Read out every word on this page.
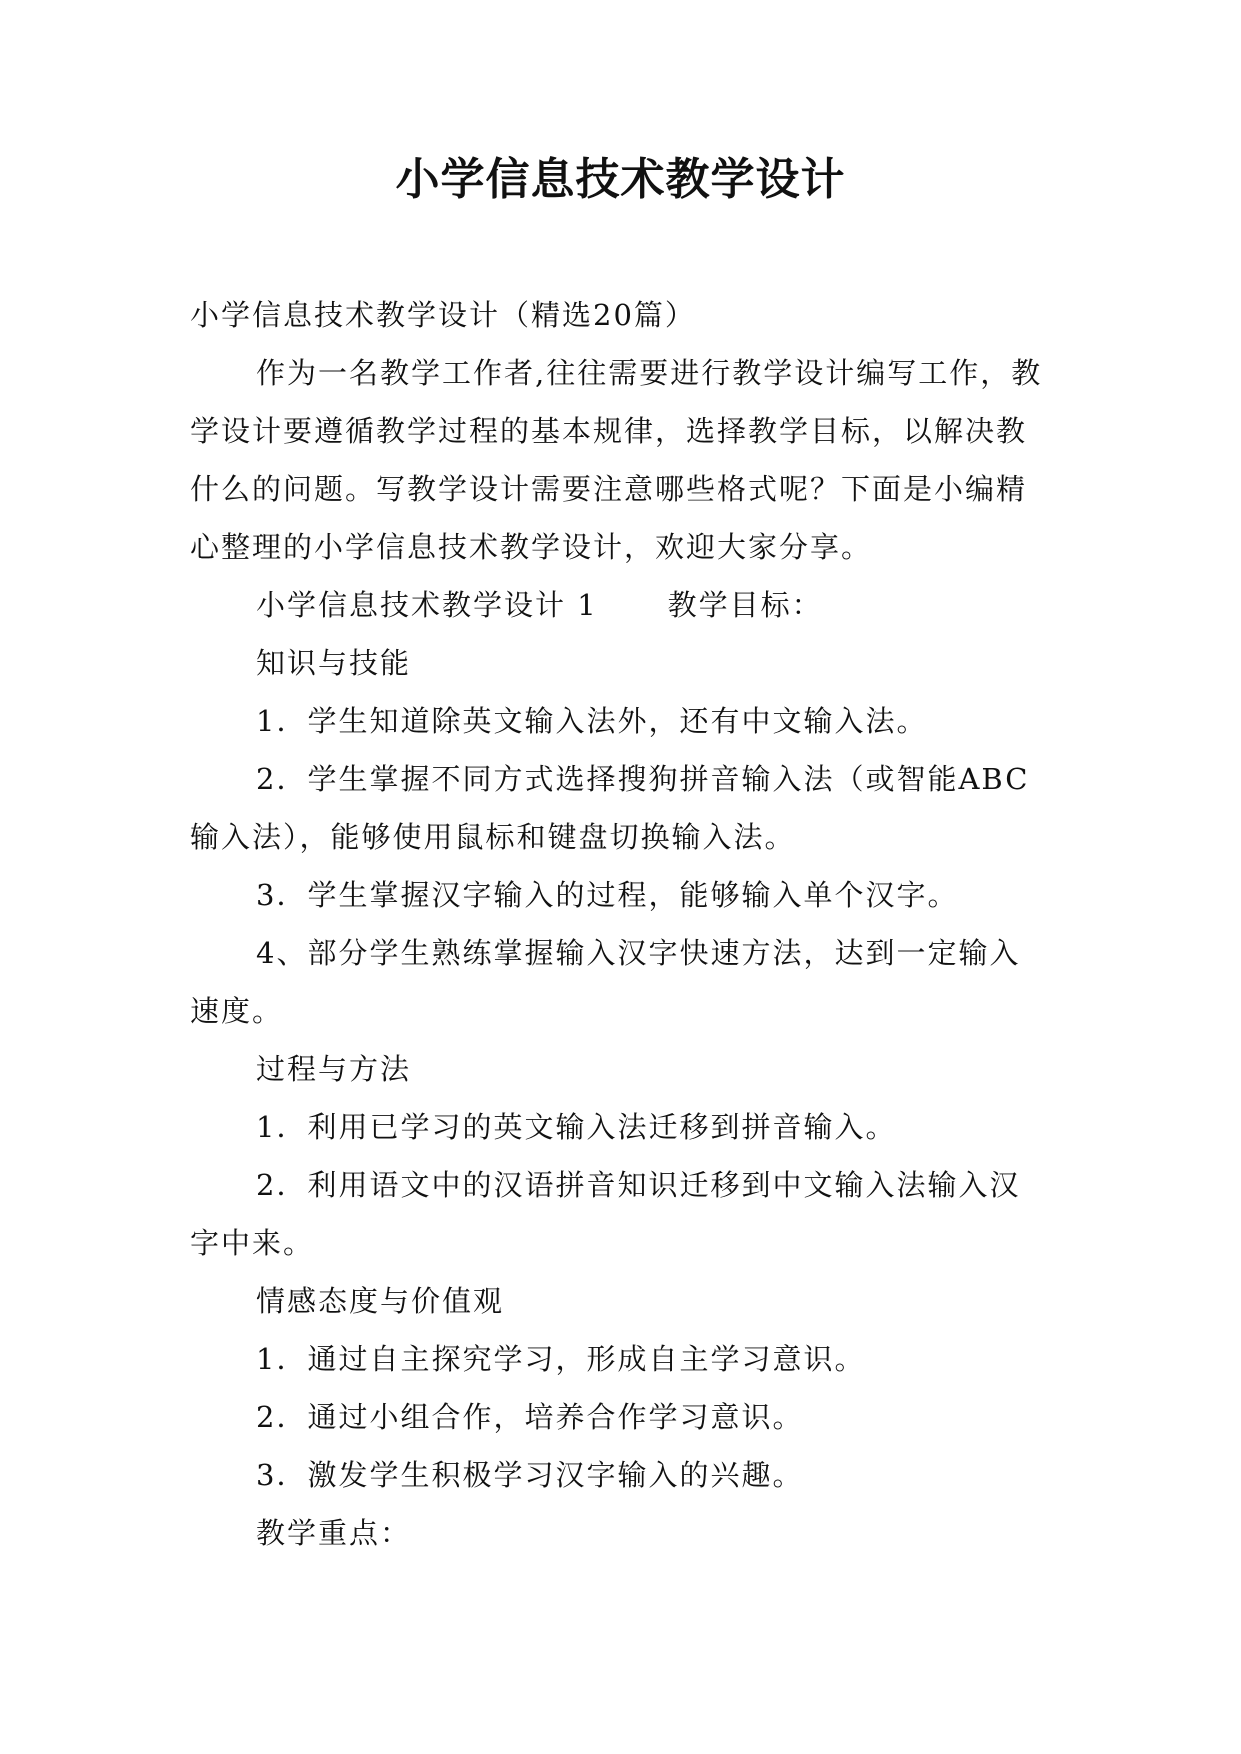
小学信息技术教学设计

小学信息技术教学设计（精选20篇）

作为一名教学工作者,往往需要进行教学设计编写工作，教学设计要遵循教学过程的基本规律，选择教学目标，以解决教什么的问题。写教学设计需要注意哪些格式呢？下面是小编精心整理的小学信息技术教学设计，欢迎大家分享。

小学信息技术教学设计 1 教学目标：

知识与技能

1．学生知道除英文输入法外，还有中文输入法。

2．学生掌握不同方式选择搜狗拼音输入法（或智能ABC输入法），能够使用鼠标和键盘切换输入法。

3．学生掌握汉字输入的过程，能够输入单个汉字。

4、部分学生熟练掌握输入汉字快速方法，达到一定输入速度。

过程与方法

1．利用已学习的英文输入法迁移到拼音输入。

2．利用语文中的汉语拼音知识迁移到中文输入法输入汉字中来。

情感态度与价值观

1．通过自主探究学习，形成自主学习意识。

2．通过小组合作，培养合作学习意识。

3．激发学生积极学习汉字输入的兴趣。

教学重点：
